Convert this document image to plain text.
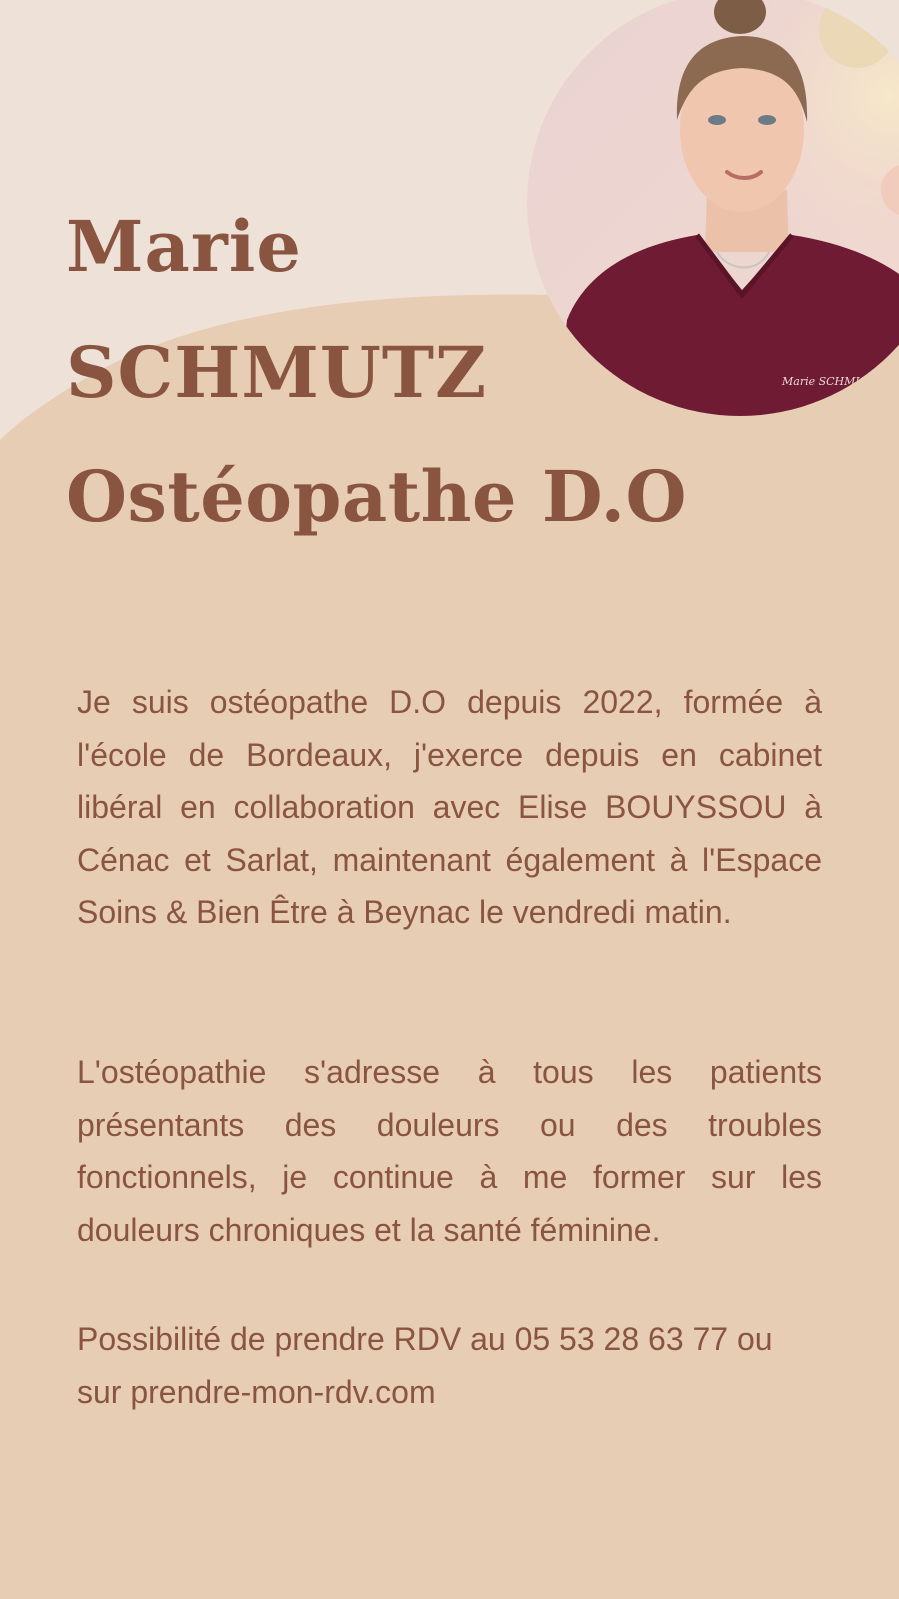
Marie SCHMUTZ
Marie
SCHMUTZ
Ostéopathe D.O

Je suis ostéopathe D.O depuis 2022, formée à l'école de Bordeaux, j'exerce depuis en cabinet libéral en collaboration avec Elise BOUYSSOU à Cénac et Sarlat, maintenant également à l'Espace Soins & Bien Être à Beynac le vendredi matin.

L'ostéopathie s'adresse à tous les patients présentants des douleurs ou des troubles fonctionnels, je continue à me former sur les douleurs chroniques et la santé féminine.

Possibilité de prendre RDV au 05 53 28 63 77 ou sur prendre-mon-rdv.com
